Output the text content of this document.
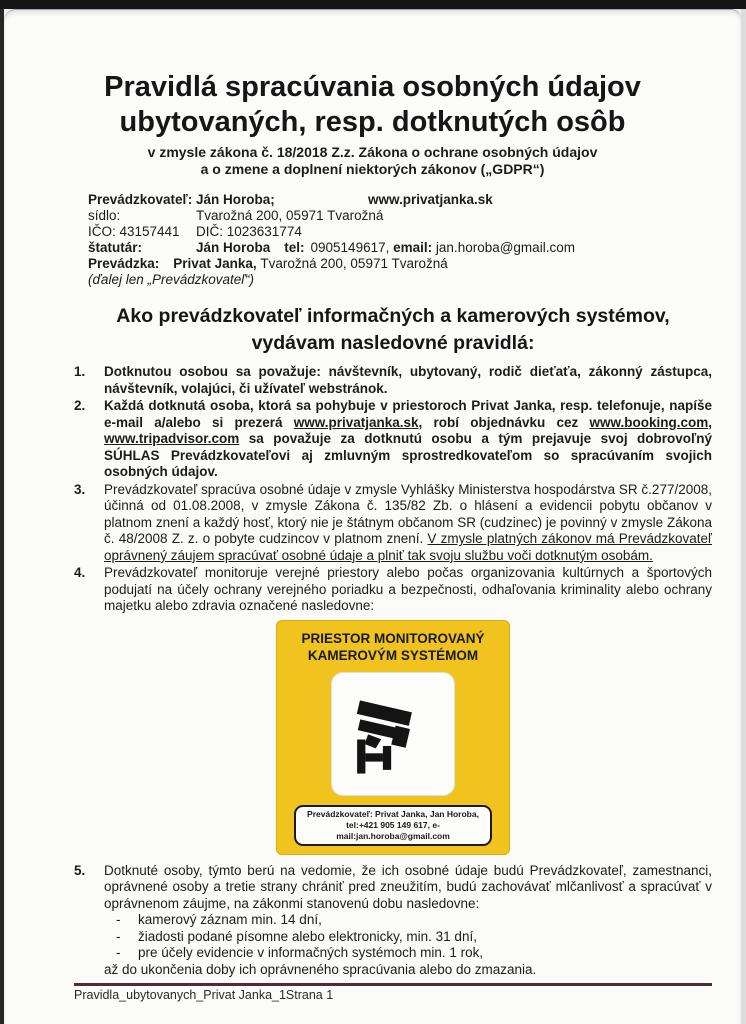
Pravidlá spracúvania osobných údajov
ubytovaných, resp. dotknutých osôb
v zmysle zákona č. 18/2018 Z.z. Zákona o ochrane osobných údajov
a o zmene a doplnení niektorých zákonov („GDPR“)
Prevádzkovateľ: Ján Horoba;	www.privatjanka.sk
sídlo:	Tvarožná 200, 05971 Tvarožná
IČO: 43157441	DIČ: 1023631774
štatutár:	Ján Horoba tel: 0905149617, email: jan.horoba@gmail.com
Prevádzka: Privat Janka,
Tvarožná 200, 05971 Tvarožná
(ďalej len „Prevádzkovateľ“)
Ako prevádzkovateľ informačných a kamerových systémov,
vydávam nasledovné pravidlá:
1.	Dotknutou osobou sa považuje: návštevník, ubytovaný, rodič dieťaťa, zákonný zástupca, návštevník, volajúci, či užívateľ webstránok.

2.	Každá dotknutá osoba, ktorá sa pohybuje v priestoroch Privat Janka, resp. telefonuje, napíše e-mail a/alebo si prezerá www.privatjanka.sk, robí objednávku cez www.booking.com, www.tripadvisor.com sa považuje za dotknutú osobu a tým prejavuje svoj dobrovoľný SÚHLAS Prevádzkovateľovi aj zmluvným sprostredkovateľom so spracúvaním svojich osobných údajov.

3.	Prevádzkovateľ spracúva osobné údaje v zmysle Vyhlášky Ministerstva hospodárstva SR č.277/2008, účinná od 01.08.2008, v zmysle Zákona č. 135/82 Zb. o hlásení a evidencii pobytu občanov v platnom znení a každý hosť, ktorý nie je štátnym občanom SR (cudzinec) je povinný v zmysle Zákona č. 48/2008 Z. z. o pobyte cudzincov v platnom znení. V zmysle platných zákonov má Prevádzkovateľ oprávnený záujem spracúvať osobné údaje a plniť tak svoju službu voči dotknutým osobám.

4.	Prevádzkovateľ monitoruje verejné priestory alebo počas organizovania kultúrnych a športových podujatí na účely ochrany verejného poriadku a bezpečnosti, odhaľovania kriminality alebo ochrany majetku alebo zdravia označené nasledovne:

PRIESTOR MONITOROVANÝ
KAMEROVÝM SYSTÉMOM
Prevádzkovateľ: Privat Janka, Jan Horoba,
tel:+421 905 149 617, e-mail:jan.horoba@gmail.com
5.	Dotknuté osoby, týmto berú na vedomie, že ich osobné údaje budú Prevádzkovateľ, zamestnanci, oprávnené osoby a tretie strany chrániť pred zneužitím, budú zachovávať mlčanlivosť a spracúvať v oprávnenom záujme, na zákonmi stanovenú dobu nasledovne:

-	kamerový záznam min. 14 dní,
-	žiadosti podané písomne alebo elektronicky, min. 31 dní,
-	pre účely evidencie v informačných systémoch min. 1 rok,
až do ukončenia doby ich oprávneného spracúvania alebo do zmazania.
Pravidla_ubytovanych_Privat Janka_1Strana 1
